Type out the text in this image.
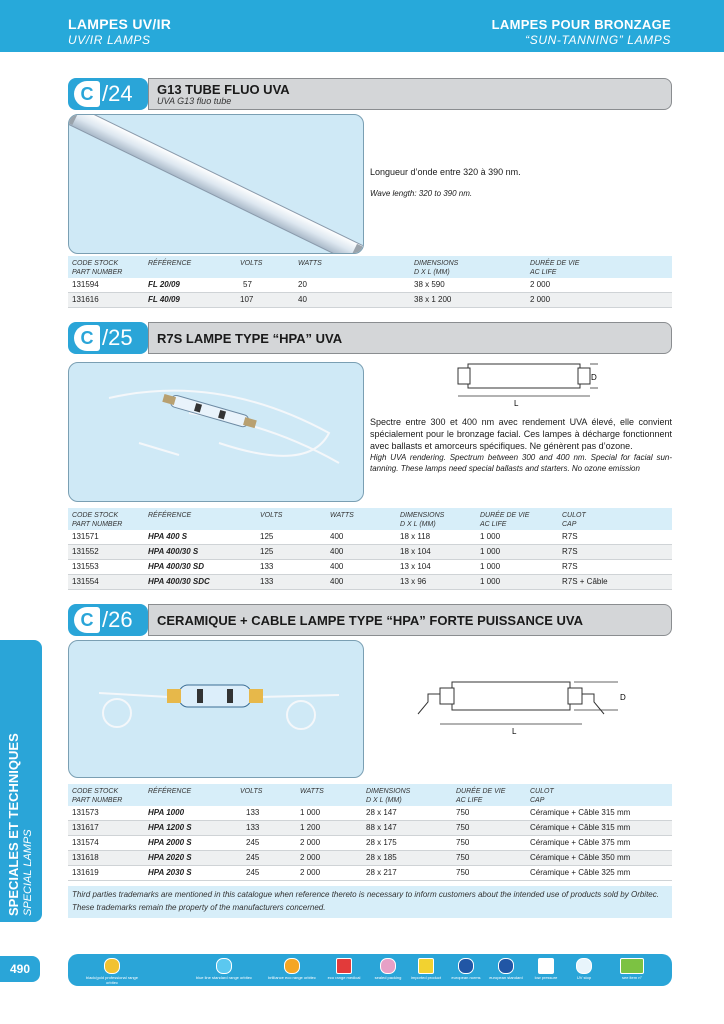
LAMPES UV/IR
UV/IR LAMPS
LAMPES POUR BRONZAGE
“SUN-TANNING” LAMPS
C /24 G13 TUBE FLUO UVA
UVA G13 fluo tube
Longueur d’onde entre 320 à 390 nm.
Wave length: 320 to 390 nm.
CODE STOCK
PART NUMBER
RÉFÉRENCE	VOLTS	WATTS	DIMENSIONS
D X L (MM)
DURÉE DE VIE
AC LIFE
131594	FL 20/09	57	20	38 x 590	2 000
131616	FL 40/09	107	40	38 x 1 200	2 000
C /25 R7S LAMPE TYPE “HPA” UVA
L
D
Spectre entre 300 et 400 nm avec rendement UVA élevé, elle convient spécialement pour le bronzage facial. Ces lampes à décharge fonctionnent avec ballasts et amorceurs spécifiques. Ne génèrent pas d’ozone.
High UVA rendering. Spectrum between 300 and 400 nm. Special for facial sun-tanning. These lamps need special ballasts and starters. No ozone emission
CODE STOCK
PART NUMBER
RÉFÉRENCE	VOLTS	WATTS	DIMENSIONS
D X L (MM)
DURÉE DE VIE
AC LIFE
CULOT
CAP
131571	HPA 400 S	125	400	18 x 118	1 000	R7S
131552	HPA 400/30 S	125	400	18 x 104	1 000	R7S
131553	HPA 400/30 SD	133	400	13 x 104	1 000	R7S
131554	HPA 400/30 SDC	133	400	13 x 96	1 000	R7S + Câble
C /26 CERAMIQUE + CABLE LAMPE TYPE “HPA” FORTE PUISSANCE UVA
L
D
CODE STOCK
PART NUMBER
RÉFÉRENCE	VOLTS	WATTS	DIMENSIONS
D X L (MM)
DURÉE DE VIE
AC LIFE
CULOT
CAP
131573	HPA 1000	133	1 000	28 x 147	750	Céramique + Câble 315 mm
131617	HPA 1200 S	133	1 200	88 x 147	750	Céramique + Câble 315 mm
131574	HPA 2000 S	245	2 000	28 x 175	750	Céramique + Câble 375 mm
131618	HPA 2020 S	245	2 000	28 x 185	750	Céramique + Câble 350 mm
131619	HPA 2030 S	245	2 000	28 x 217	750	Céramique + Câble 325 mm
Third parties trademarks are mentioned in this catalogue when reference thereto is necessary to inform customers about the intended use of products sold by Orbitec. These trademarks remain the property of the manufacturers concerned.
SPECIALES ET TECHNIQUES SPECIAL LAMPS
490
black/gold professional range orbitec
blue line standard range orbitec	brilliance eco range orbitec	eco range medical	sealed packing	imported product	european norms	european standard	low pressure	UV stop	see item n°
